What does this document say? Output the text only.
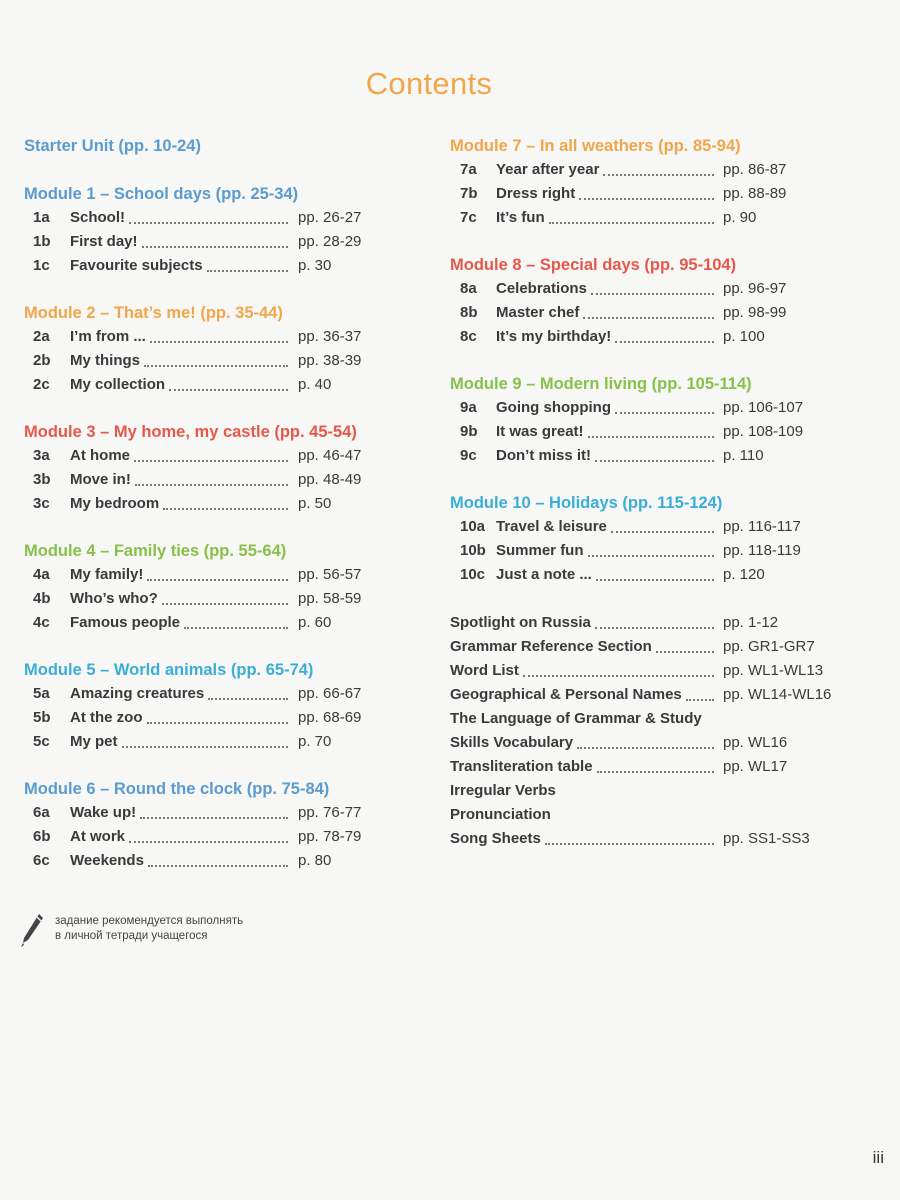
Contents
Starter Unit (pp. 10-24)
Module 1 – School days (pp. 25-34)
1a School!	pp. 26-27
1b First day!	pp. 28-29
1c Favourite subjects	p. 30
Module 2 – That’s me! (pp. 35-44)
2a I’m from ...	pp. 36-37
2b My things	pp. 38-39
2c My collection	p. 40
Module 3 – My home, my castle (pp. 45-54)
3a At home	pp. 46-47
3b Move in!	pp. 48-49
3c My bedroom	p. 50
Module 4 – Family ties (pp. 55-64)
4a My family!	pp. 56-57
4b Who’s who?	pp. 58-59
4c Famous people	p. 60
Module 5 – World animals (pp. 65-74)
5a Amazing creatures	pp. 66-67
5b At the zoo	pp. 68-69
5c My pet	p. 70
Module 6 – Round the clock (pp. 75-84)
6a Wake up!	pp. 76-77
6b At work	pp. 78-79
6c Weekends	p. 80
Module 7 – In all weathers (pp. 85-94)
7a Year after year	pp. 86-87
7b Dress right	pp. 88-89
7c It’s fun	p. 90
Module 8 – Special days (pp. 95-104)
8a Celebrations	pp. 96-97
8b Master chef	pp. 98-99
8c It’s my birthday!	p. 100
Module 9 – Modern living (pp. 105-114)
9a Going shopping	pp. 106-107
9b It was great!	pp. 108-109
9c Don’t miss it!	p. 110
Module 10 – Holidays (pp. 115-124)
10a Travel & leisure	pp. 116-117
10b Summer fun	pp. 118-119
10c Just a note ...	p. 120
Spotlight on Russia	pp. 1-12
Grammar Reference Section	pp. GR1-GR7
Word List	pp. WL1-WL13
Geographical & Personal Names	pp. WL14-WL16
The Language of Grammar & Study
Skills Vocabulary	pp. WL16
Transliteration table	pp. WL17
Irregular Verbs
Pronunciation
Song Sheets	pp. SS1-SS3
задание рекомендуется выполнять
в личной тетради учащегося
iii
